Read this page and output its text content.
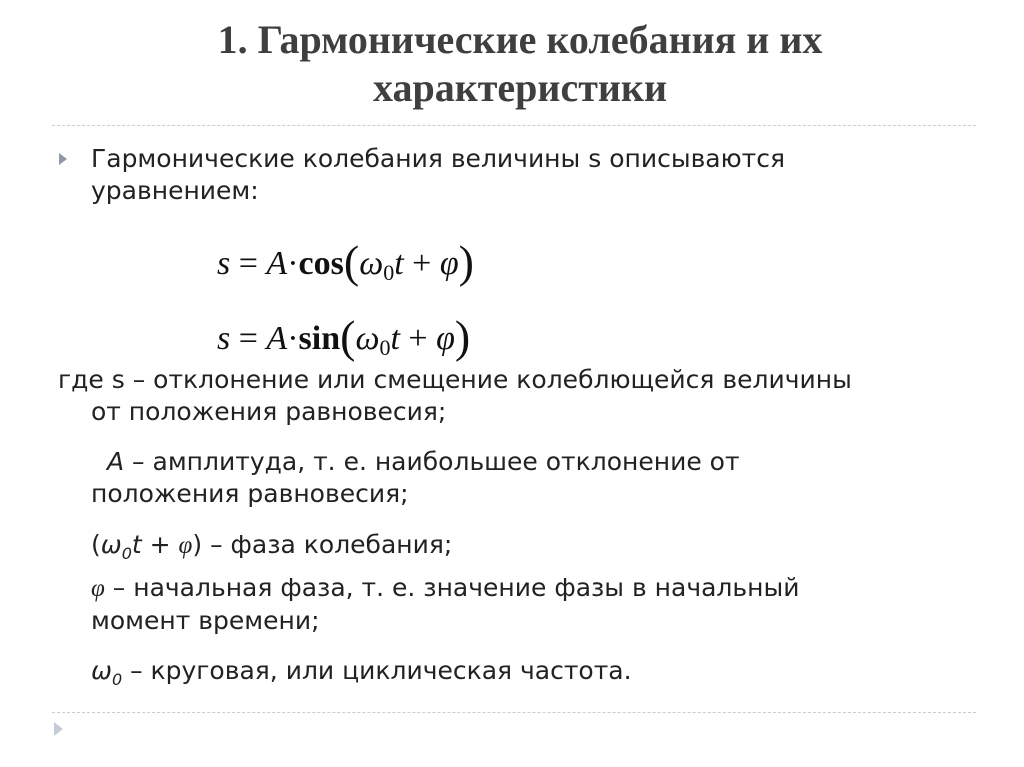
1. Гармонические колебания и их
характеристики

Гармонические колебания величины s описываются
уравнением:

$s = A\cdot\cos(\omega_0t + \varphi)$
$s = A\cdot\sin(\omega_0t + \varphi)$

где s – отклонение или смещение колеблющейся величины
от положения равновесия;

A – амплитуда, т. е. наибольшее отклонение от
положения равновесия;

$(\omega_0t + \varphi)$ – фаза колебания;

φ – начальная фаза, т. е. значение фазы в начальный
момент времени;

$\omega_0$ – круговая, или циклическая частота.
